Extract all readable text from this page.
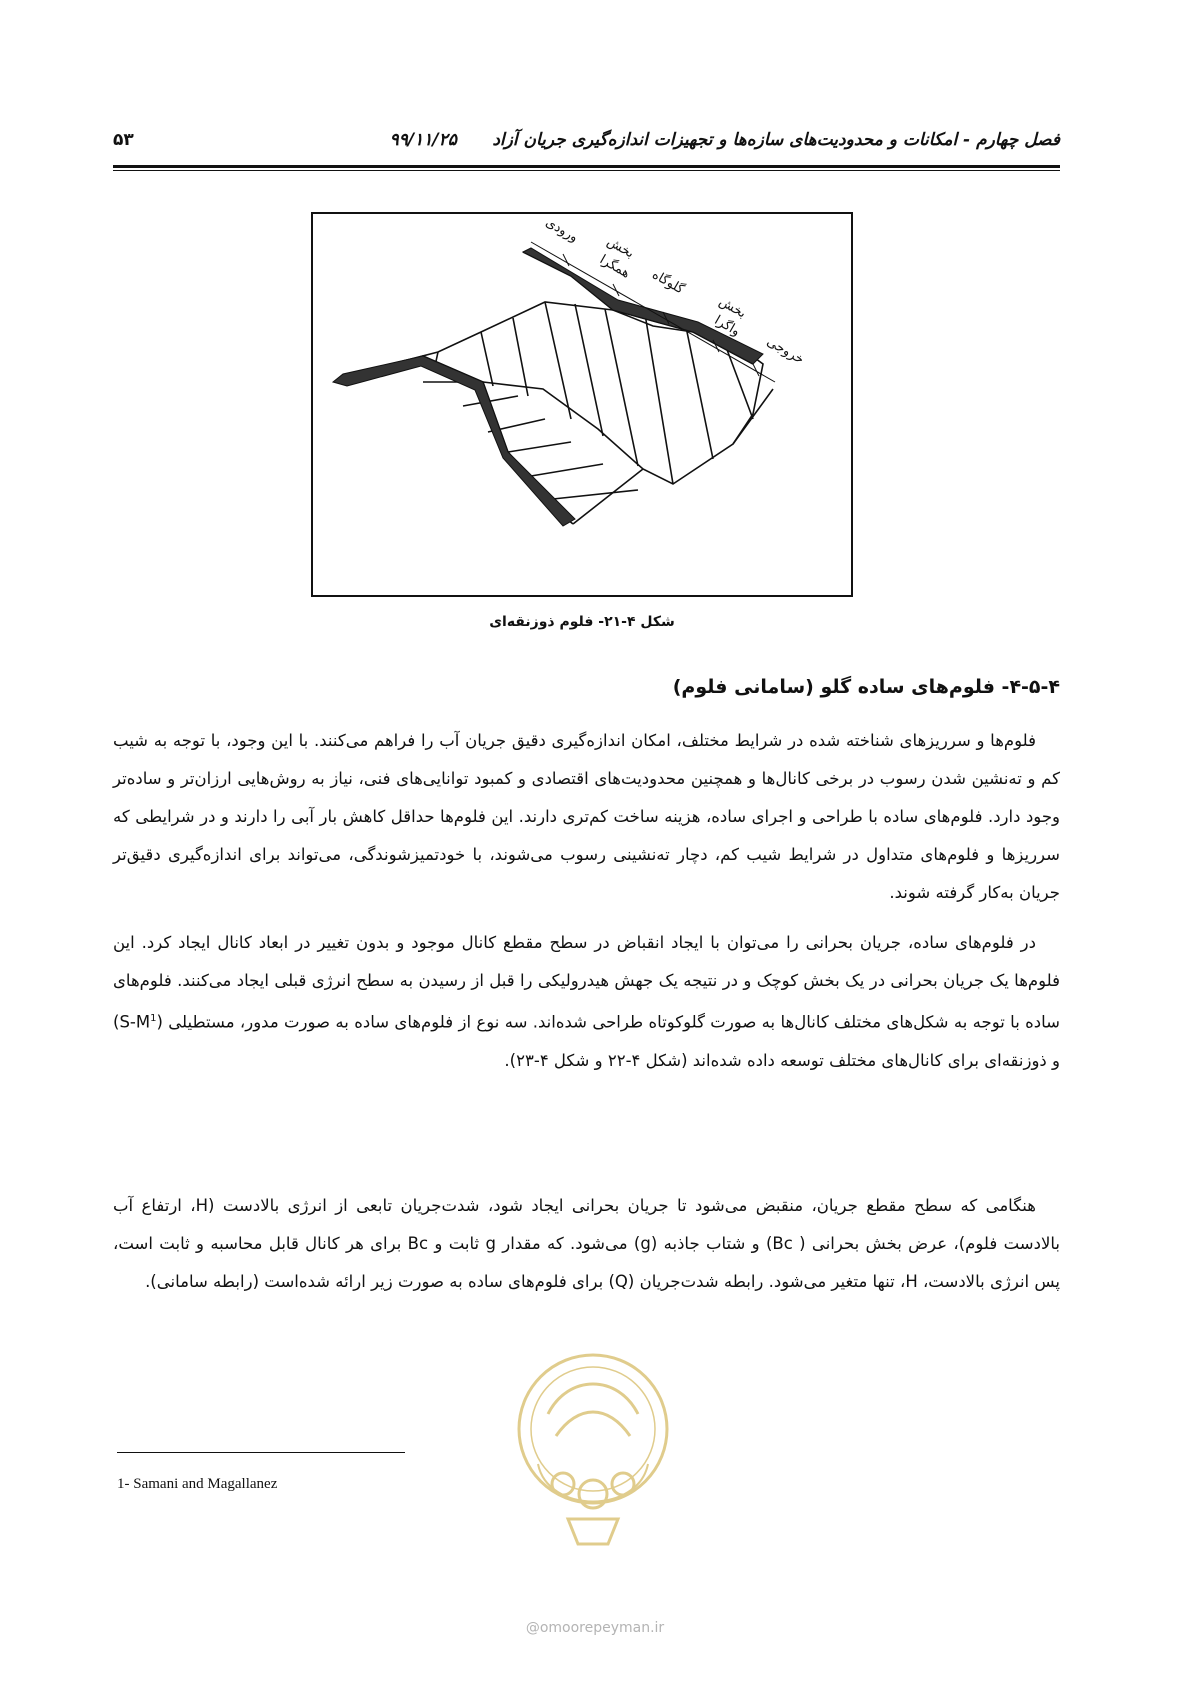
فصل چهارم - امکانات و محدودیت‌های سازه‌ها و تجهیزات اندازه‌گیری جریان آزاد      ۹۹/۱۱/۲۵
۵۳
ورودی
بخش
همگرا
گلوگاه
بخش
واگرا
خروجی
شکل ۴-۲۱- فلوم ذوزنقه‌ای
۴-۵-۴- فلوم‌های ساده گلو (سامانی فلوم)
فلوم‌ها و سرریزهای شناخته شده در شرایط مختلف، امکان اندازه‌گیری دقیق جریان آب را فراهم می‌کنند. با این وجود، با توجه به شیب کم و ته‌نشین شدن رسوب در برخی کانال‌ها و همچنین محدودیت‌های اقتصادی و کمبود توانایی‌های فنی، نیاز به روش‌هایی ارزان‌تر و ساده‌تر وجود دارد. فلوم‌های ساده با طراحی و اجرای ساده، هزینه ساخت کم‌تری دارند. این فلوم‌ها حداقل کاهش بار آبی را دارند و در شرایطی که سرریزها و فلوم‌های متداول در شرایط شیب کم، دچار ته‌نشینی رسوب می‌شوند، با خودتمیزشوندگی، می‌تواند برای اندازه‌گیری دقیق‌تر جریان به‌کار گرفته شوند.
در فلوم‌های ساده، جریان بحرانی را می‌توان با ایجاد انقباض در سطح مقطع کانال موجود و بدون تغییر در ابعاد کانال ایجاد کرد. این فلوم‌ها یک جریان بحرانی در یک بخش کوچک و در نتیجه یک جهش هیدرولیکی را قبل از رسیدن به سطح انرژی قبلی ایجاد می‌کنند. فلوم‌های ساده با توجه به شکل‌های مختلف کانال‌ها به صورت گلوکوتاه طراحی شده‌اند. سه نوع از فلوم‌های ساده به صورت مدور، مستطیلی $(S-M^1)$ و ذوزنقه‌ای برای کانال‌های مختلف توسعه داده شده‌اند (شکل ۴-۲۲ و شکل ۴-۲۳).
هنگامی که سطح مقطع جریان، منقبض می‌شود تا جریان بحرانی ایجاد شود، شدت‌جریان تابعی از انرژی بالادست (H، ارتفاع آب بالادست فلوم)، عرض بخش بحرانی ( Bc) و شتاب جاذبه (g) می‌شود. که مقدار g ثابت و Bc برای هر کانال قابل محاسبه و ثابت است، پس انرژی بالادست، H، تنها متغیر می‌شود. رابطه شدت‌جریان (Q) برای فلوم‌های ساده به صورت زیر ارائه شده‌است (رابطه سامانی).
1- Samani and Magallanez
@omoorepeyman.ir
